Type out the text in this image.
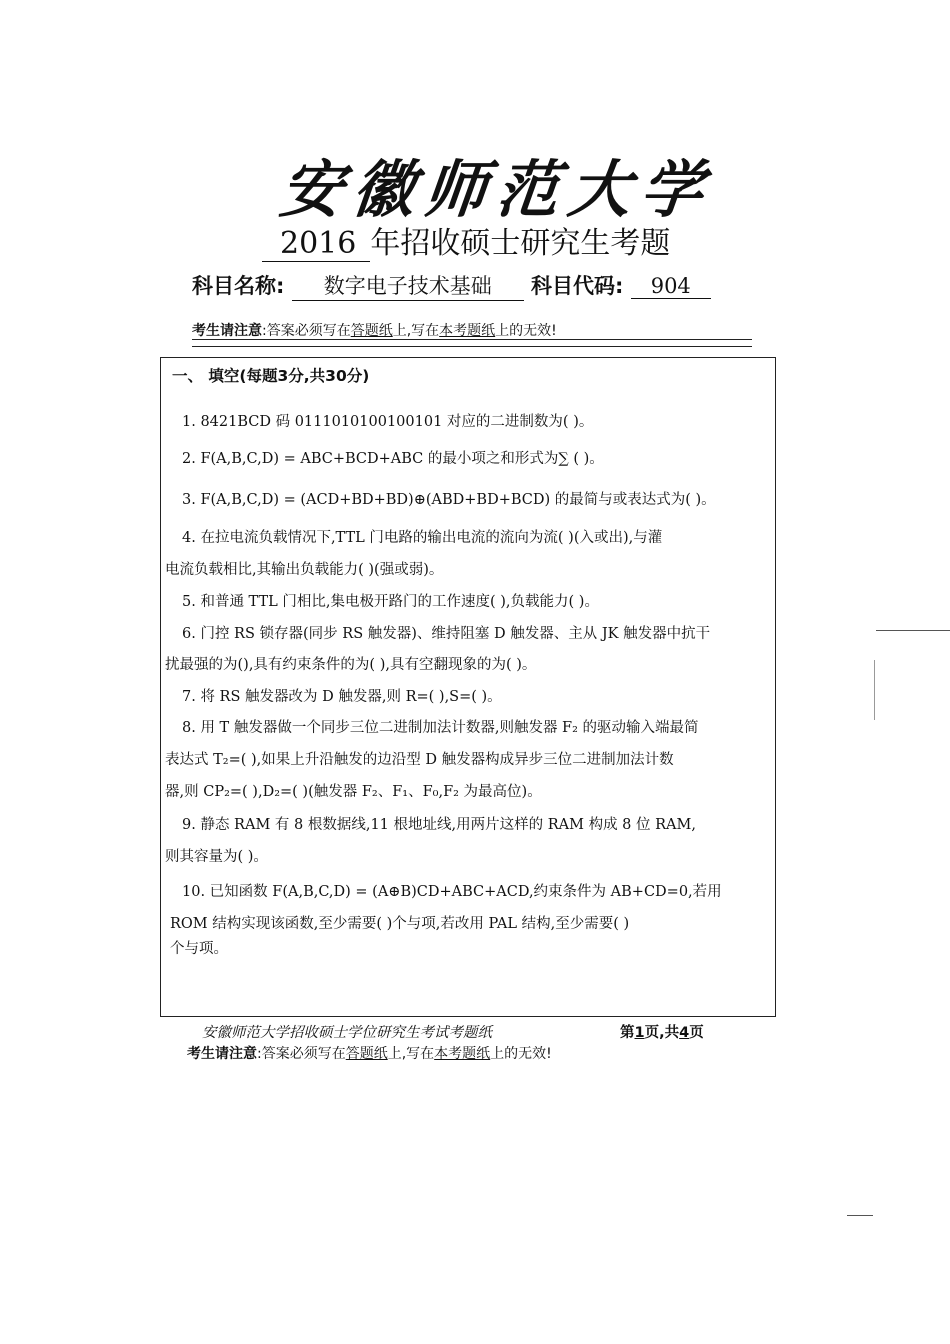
安徽师范大学
2016 年招收硕士研究生考题
科目名称: 数字电子技术基础 科目代码: 904
考生请注意:答案必须写在答题纸上,写在本考题纸上的无效!
一、 填空(每题3分,共30分)
1. 8421BCD 码 0111010100100101 对应的二进制数为( )。
2. F(A,B,C,D) = ABC+BCD+ABC 的最小项之和形式为∑ ( )。
3. F(A,B,C,D) = (ACD+BD+BD)⊕(ABD+BD+BCD) 的最简与或表达式为( )。
4. 在拉电流负载情况下,TTL 门电路的输出电流的流向为流( )(入或出),与灌
电流负载相比,其输出负载能力( )(强或弱)。
5. 和普通 TTL 门相比,集电极开路门的工作速度( ),负载能力( )。
6. 门控 RS 锁存器(同步 RS 触发器)、维持阻塞 D 触发器、主从 JK 触发器中抗干
扰最强的为(),具有约束条件的为( ),具有空翻现象的为( )。
7. 将 RS 触发器改为 D 触发器,则 R=( ),S=( )。
8. 用 T 触发器做一个同步三位二进制加法计数器,则触发器 F₂ 的驱动输入端最简
表达式 T₂=( ),如果上升沿触发的边沿型 D 触发器构成异步三位二进制加法计数
器,则 CP₂=( ),D₂=( )(触发器 F₂、F₁、F₀,F₂ 为最高位)。
9. 静态 RAM 有 8 根数据线,11 根地址线,用两片这样的 RAM 构成 8 位 RAM,
则其容量为( )。
10. 已知函数 F(A,B,C,D) = (A⊕B)CD+ABC+ACD,约束条件为 AB+CD=0,若用
ROM 结构实现该函数,至少需要( )个与项,若改用 PAL 结构,至少需要( )
个与项。
安徽师范大学招收硕士学位研究生考试考题纸	第1页,共4页
考生请注意:答案必须写在答题纸上,写在本考题纸上的无效!
